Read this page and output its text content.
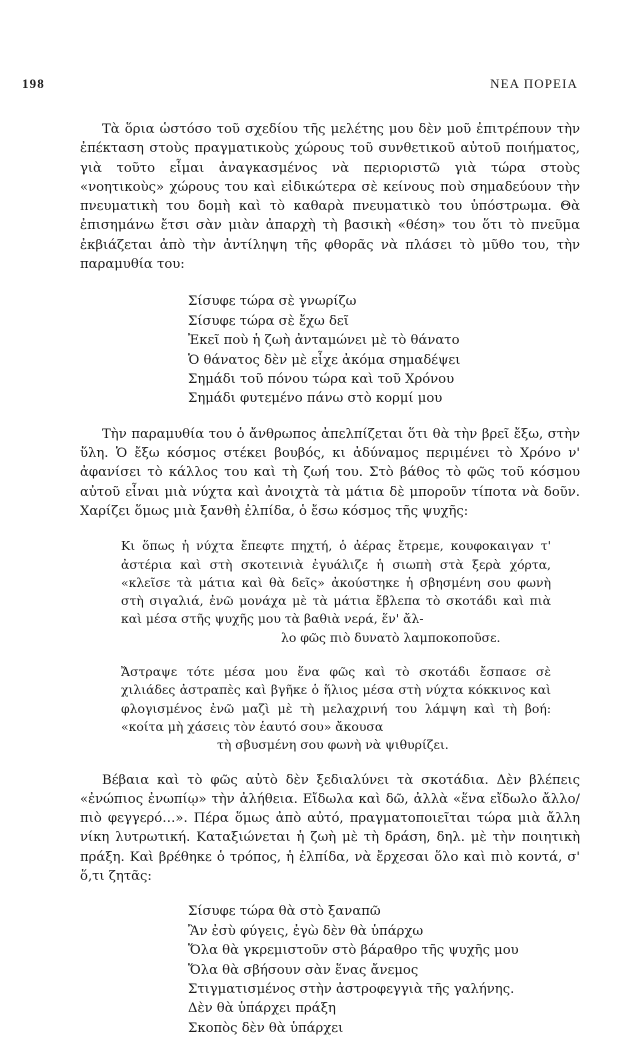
198	ΝΕΑ ΠΟΡΕΙΑ

Τὰ ὅρια ὡστόσο τοῦ σχεδίου τῆς μελέτης μου δὲν μοῦ ἐπιτρέπουν τὴν ἐπέκταση στοὺς πραγματικοὺς χώρους τοῦ συνθετικοῦ αὐτοῦ ποιήματος, γιὰ τοῦτο εἶμαι ἀναγκασμένος νὰ περιοριστῶ γιὰ τώρα στοὺς «νοητικοὺς» χώρους του καὶ εἰδικώτερα σὲ κείνους ποὺ σημαδεύουν τὴν πνευματικὴ του δομὴ καὶ τὸ καθαρὰ πνευματικὸ του ὑπόστρωμα. Θὰ ἐπισημάνω ἔτσι σὰν μιὰν ἀπαρχὴ τὴ βασικὴ «θέση» του ὅτι τὸ πνεῦμα ἐκβιάζεται ἀπὸ τὴν ἀντίληψη τῆς φθορᾶς νὰ πλάσει τὸ μῦθο του, τὴν παραμυθία του:

Σίσυφε τώρα σὲ γνωρίζω
Σίσυφε τώρα σὲ ἔχω δεῖ
Ἐκεῖ ποὺ ἡ ζωὴ ἀνταμώνει μὲ τὸ θάνατο
Ὁ θάνατος δὲν μὲ εἶχε ἀκόμα σημαδέψει
Σημάδι τοῦ πόνου τώρα καὶ τοῦ Χρόνου
Σημάδι φυτεμένο πάνω στὸ κορμί μου

Τὴν παραμυθία του ὁ ἄνθρωπος ἀπελπίζεται ὅτι θὰ τὴν βρεῖ ἔξω, στὴν ὕλη. Ὁ ἔξω κόσμος στέκει βουβός, κι ἀδύναμος περιμένει τὸ Χρόνο ν' ἀφανίσει τὸ κάλλος του καὶ τὴ ζωή του. Στὸ βάθος τὸ φῶς τοῦ κόσμου αὐτοῦ εἶναι μιὰ νύχτα καὶ ἀνοιχτὰ τὰ μάτια δὲ μποροῦν τίποτα νὰ δοῦν. Χαρίζει ὅμως μιὰ ξανθὴ ἐλπίδα, ὁ ἔσω κόσμος τῆς ψυχῆς:

Κι ὅπως ἡ νύχτα ἔπεφτε πηχτή, ὁ ἀέρας ἔτρεμε, κουφοκαιγαν τ' ἀστέρια καὶ στὴ σκοτεινιὰ ἐγυάλιζε ἡ σιωπὴ στὰ ξερὰ χόρτα, «κλεῖσε τὰ μάτια καὶ θὰ δεῖς» ἀκούστηκε ἡ σβησμένη σου φωνὴ στὴ σιγαλιά, ἐνῶ μονάχα μὲ τὰ μάτια ἔβλεπα τὸ σκοτάδι καὶ πιὰ καὶ μέσα στῆς ψυχῆς μου τὰ βαθιὰ νερά, ἕν' ἄλ-
λο φῶς πιὸ δυνατὸ λαμποκοποῦσε.
Ἄστραψε τότε μέσα μου ἕνα φῶς καὶ τὸ σκοτάδι ἔσπασε σὲ χιλιάδες ἀστραπὲς καὶ βγῆκε ὁ ἥλιος μέσα στὴ νύχτα κόκκινος καὶ φλογισμένος ἐνῶ μαζὶ μὲ τὴ μελαχρινή του λάμψη καὶ τὴ βοή: «κοίτα μὴ χάσεις τὸν ἑαυτό σου» ἄκουσα
τὴ σβυσμένη σου φωνὴ νὰ ψιθυρίζει.

Βέβαια καὶ τὸ φῶς αὐτὸ δὲν ξεδιαλύνει τὰ σκοτάδια. Δὲν βλέπεις «ἐνώπιος ἐνωπίῳ» τὴν ἀλήθεια. Εἴδωλα καὶ δῶ, ἀλλὰ «ἕνα εἴδωλο ἄλλο/πιὸ φεγγερό…». Πέρα ὅμως ἀπὸ αὐτό, πραγματοποιεῖται τώρα μιὰ ἄλλη νίκη λυτρωτική. Καταξιώνεται ἡ ζωὴ μὲ τὴ δράση, δηλ. μὲ τὴν ποιητικὴ πράξη. Καὶ βρέθηκε ὁ τρόπος, ἡ ἐλπίδα, νὰ ἔρχεσαι ὅλο καὶ πιὸ κοντά, σ' ὅ,τι ζητᾶς:

Σίσυφε τώρα θὰ στὸ ξαναπῶ
Ἂν ἐσὺ φύγεις, ἐγὼ δὲν θὰ ὑπάρχω
Ὅλα θὰ γκρεμιστοῦν στὸ βάραθρο τῆς ψυχῆς μου
Ὅλα θὰ σβήσουν σὰν ἕνας ἄνεμος
Στιγματισμένος στὴν ἀστροφεγγιὰ τῆς γαλήνης.
Δὲν θὰ ὑπάρχει πράξη
Σκοπὸς δὲν θὰ ὑπάρχει
